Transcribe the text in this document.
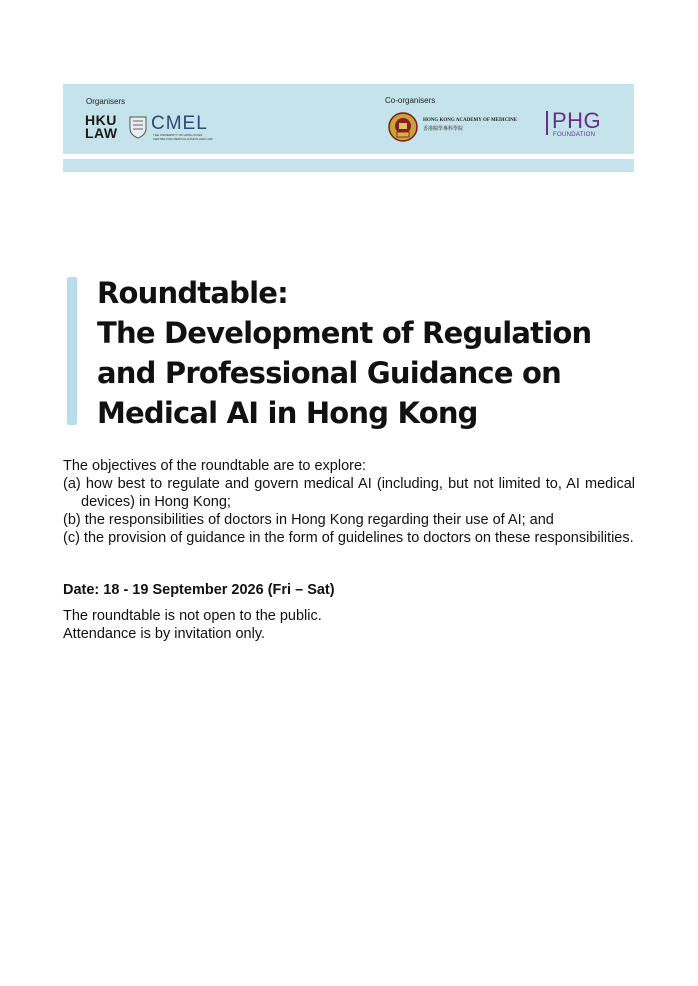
Organisers	Co-organisers
HKU
LAW CMEL
THE UNIVERSITY OF HONG KONG CENTRE FOR MEDICAL ETHICS AND LAW
HONG KONG ACADEMY OF MEDICINE
香港醫學專科學院	PHG
FOUNDATION
Roundtable:
The Development of Regulation
and Professional Guidance on
Medical AI in Hong Kong
The objectives of the roundtable are to explore:
(a) how best to regulate and govern medical AI (including, but not limited to, AI medical devices) in Hong Kong;
(b) the responsibilities of doctors in Hong Kong regarding their use of AI; and
(c) the provision of guidance in the form of guidelines to doctors on these responsibilities.
Date: 18 - 19 September 2026 (Fri – Sat)
The roundtable is not open to the public.
Attendance is by invitation only.
